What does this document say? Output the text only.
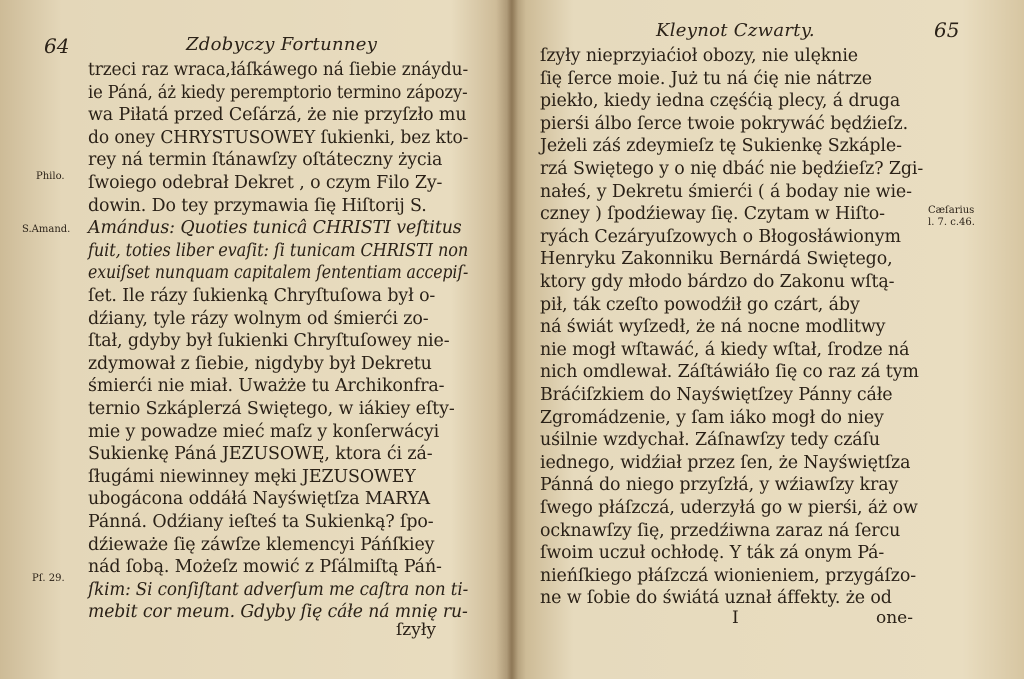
64	Zdobyczy Fortunney
Philo.
S.Amand.
Pſ. 29.
trzeci raz wraca,łáſkáwego ná ſiebie znáydu-
ie Páná, áż kiedy peremptorio termino zápozy-
wa Piłatá przed Ceſárzá, że nie przyſzło mu
do oney CHRYSTUSOWEY ſukienki, bez kto-
rey ná termin ſtánawſzy oſtáteczny życia
ſwoiego odebrał Dekret , o czym Filo Zy-
dowin. Do tey przymawia ſię Hiſtorij S.
Amándus: Quoties tunicâ CHRISTI veſtitus
fuit, toties liber evaſit: ſi tunicam CHRISTI non
exuiſset nunquam capitalem ſententiam accepiſ-
ſet. Ile rázy ſukienką Chryſtuſowa był o-
dźiany, tyle rázy wolnym od śmierći zo-
ſtał, gdyby był ſukienki Chryſtuſowey nie-
zdymował z ſiebie, nigdyby był Dekretu
śmierći nie miał. Uważże tu Archikonfra-
ternio Szkáplerzá Swiętego, w iákiey eſty-
mie y powadze mieć maſz y konſerwácyi
Sukienkę Páná JEZUSOWĘ, ktora ći zá-
ſługámi niewinney męki JEZUSOWEY
ubogácona oddáłá Nayświętſza MARYA
Pánná. Odźiany ieſteś ta Sukienką? ſpo-
dźieważe ſię záwſze klemencyi Páńſkiey
nád ſobą. Możeſz mowić z Pſálmiſtą Páń-
ſkim: Si conſiſtant adverſum me caſtra non ti-
mebit cor meum. Gdyby ſię cáłe ná mnię ru-
ſzyły
Kleynot Czwarty.	65
Cæſarius
l. 7. c.46.
ſzyły nieprzyiaćioł obozy, nie ulęknie
ſię ſerce moie. Już tu ná ćię nie nátrze
piekło, kiedy iedna częśćią plecy, á druga
pierśi álbo ſerce twoie pokrywáć będźieſz.
Jeżeli záś zdeymieſz tę Sukienkę Szkáple-
rzá Swiętego y o nię dbáć nie będźieſz? Zgi-
nałeś, y Dekretu śmierći ( á boday nie wie-
czney ) ſpodźieway ſię. Czytam w Hiſto-
ryách Cezáryuſzowych o Błogosłáwionym
Henryku Zakonniku Bernárdá Swiętego,
ktory gdy młodo bárdzo do Zakonu wſtą-
pił, ták czeſto powodźił go czárt, áby
ná świát wyſzedł, że ná nocne modlitwy
nie mogł wſtawáć, á kiedy wſtał, ſrodze ná
nich omdlewał. Záſtáwiáło ſię co raz zá tym
Bráćiſzkiem do Nayświętſzey Pánny cáłe
Zgromádzenie, y ſam iáko mogł do niey
uśilnie wzdychał. Záſnawſzy tedy czáſu
iednego, widźiał przez ſen, że Nayświętſza
Pánná do niego przyſzłá, y wźiawſzy kray
ſwego płáſzczá, uderzyłá go w pierśi, áż ow
ocknawſzy ſię, przedźiwna zaraz ná ſercu
ſwoim uczuł ochłodę. Y ták zá onym Pá-
nieńſkiego płáſzczá wionieniem, przygáſzo-
ne w ſobie do świátá uznał áffekty. że od
I	one-
